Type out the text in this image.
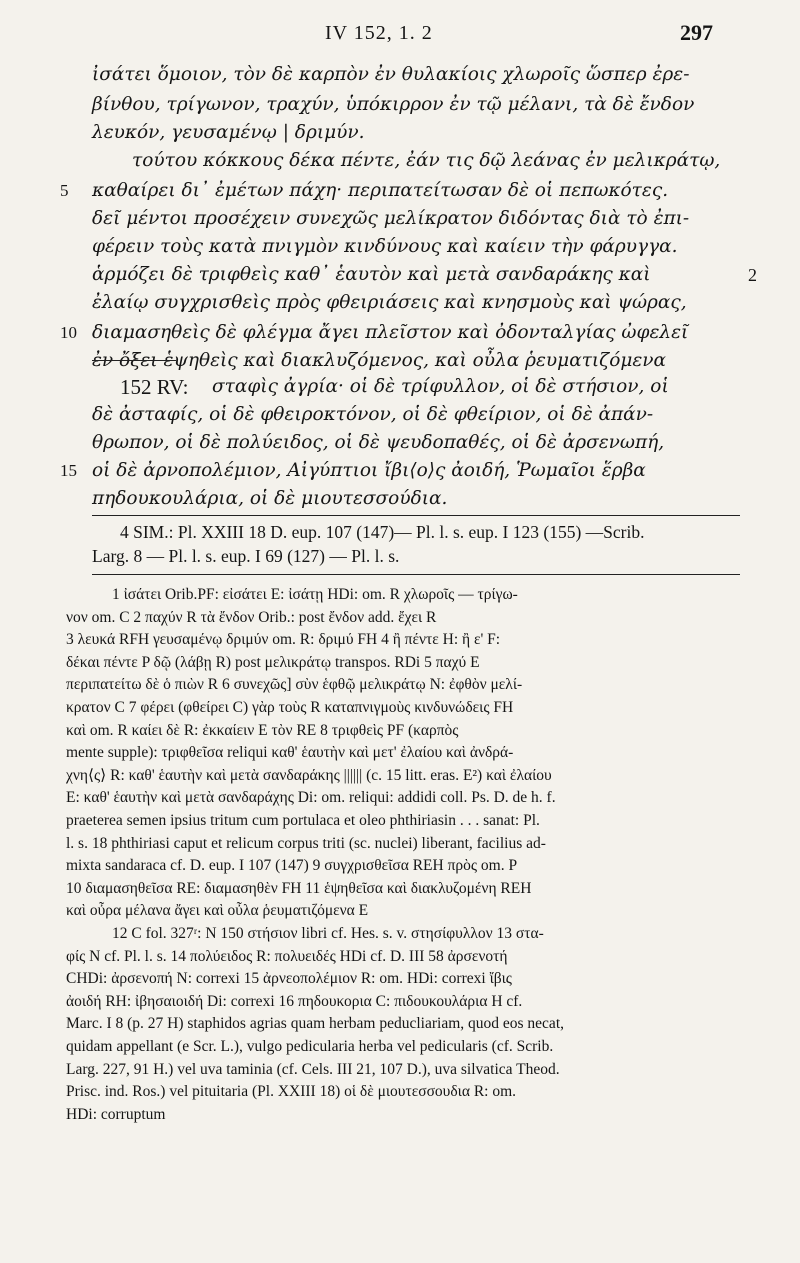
IV 152, 1. 2	297
ἰσάτει ὅμοιον, τὸν δὲ καρπὸν ἐν θυλακίοις χλωροῖς ὥσπερ ἐρε-
βίνθου, τρίγωνον, τραχύν, ὑπόκιρρον ἐν τῷ μέλανι, τὰ δὲ ἔνδον
λευκόν, γευσαμένῳ | δριμύν.
τούτου κόκκους δέκα πέντε, ἐάν τις δῷ λεάνας ἐν μελικράτῳ,
5	καθαίρει δι᾽ ἐμέτων πάχη· περιπατείτωσαν δὲ οἱ πεπωκότες.
δεῖ μέντοι προσέχειν συνεχῶς μελίκρατον διδόντας διὰ τὸ ἐπι-
φέρειν τοὺς κατὰ πνιγμὸν κινδύνους καὶ καίειν τὴν φάρυγγα.
ἁρμόζει δὲ τριφθεὶς καθ᾽ ἑαυτὸν καὶ μετὰ σανδαράκης καὶ	2
ἐλαίῳ συγχρισθεὶς πρὸς φθειριάσεις καὶ κνησμοὺς καὶ ψώρας,
10 διαμασηθεὶς δὲ φλέγμα ἄγει πλεῖστον καὶ ὀδονταλγίας ὠφελεῖ
ἐν ὄξει ἑψηθεὶς καὶ διακλυζόμενος, καὶ οὖλα ῥευματιζόμενα
152 RV:	σταφὶς ἀγρία· οἱ δὲ τρίφυλλον, οἱ δὲ στήσιον, οἱ
δὲ ἀσταφίς, οἱ δὲ φθειροκτόνον, οἱ δὲ φθείριον, οἱ δὲ ἀπάν-
θρωπον, οἱ δὲ πολύειδος, οἱ δὲ ψευδοπαθές, οἱ δὲ ἀρσενωπή,
15 οἱ δὲ ἀρνοπολέμιον, Αἰγύπτιοι ἴβι⟨ο⟩ς ἀοιδή, Ῥωμαῖοι ἕρβα
πηδουκουλάρια, οἱ δὲ μιουτεσσούδια.
4 SIM.: Pl. XXIII 18 D. eup. 107 (147)— Pl. l. s. eup. I 123 (155) —Scrib.
Larg. 8 — Pl. l. s. eup. I 69 (127) — Pl. l. s.
1 ἰσάτει Orib.PF: εἰσάτει E: ἰσάτῃ HDi: om. R χλωροῖς — τρίγω-
νον om. C 2 παχύν R τὰ ἔνδον Orib.: post ἔνδον add. ἔχει R
3 λευκά RFH γευσαμένῳ δριμύν om. R: δριμύ FH 4 ἢ πέντε H: ἢ ε' F:
δέκαι πέντε P δῷ (λάβῃ R) post μελικράτῳ transpos. RDi 5 παχύ E
περιπατείτω δὲ ὁ πιὼν R 6 συνεχῶς] σὺν ἑφθῷ μελικράτῳ N: ἐφθὸν μελί-
κρατον C 7 φέρει (φθείρει C) γὰρ τοὺς R καταπνιγμοὺς κινδυνώδεις FH
καὶ om. R καίει δὲ R: ἐκκαίειν E τὸν RE 8 τριφθεὶς PF (καρπὸς
mente supple): τριφθεῖσα reliqui καθ' ἑαυτὴν καὶ μετ' ἐλαίου καὶ ἀνδρά-
χνη⟨ς⟩ R: καθ' ἑαυτὴν καὶ μετὰ σανδαράκης |||||| (c. 15 litt. eras. E²) καὶ ἐλαίου
E: καθ' ἑαυτὴν καὶ μετὰ σανδαράχης Di: om. reliqui: addidi coll. Ps. D. de h. f.
praeterea semen ipsius tritum cum portulaca et oleo phthiriasin . . . sanat: Pl.
l. s. 18 phthiriasi caput et relicum corpus triti (sc. nuclei) liberant, facilius ad-
mixta sandaraca cf. D. eup. I 107 (147) 9 συγχρισθεῖσα REH πρὸς om. P
10 διαμασηθεῖσα RE: διαμασηθὲν FH 11 ἑψηθεῖσα καὶ διακλυζομένη REH
καὶ οὖρα μέλανα ἄγει καὶ οὖλα ῥευματιζόμενα E
12 C fol. 327ʳ: N 150 στήσιον libri cf. Hes. s. v. στησίφυλλον 13 στα-
φίς N cf. Pl. l. s. 14 πολύειδος R: πολυειδές HDi cf. D. III 58 ἀρσενοτή
CHDi: ἀρσενοπή N: correxi 15 ἀρνεοπολέμιον R: om. HDi: correxi ἴβις
ἀοιδή RH: ἰβησαιοιδή Di: correxi 16 πηδουκορια C: πιδουκουλάρια H cf.
Marc. I 8 (p. 27 H) staphidos agrias quam herbam peducliariam, quod eos necat,
quidam appellant (e Scr. L.), vulgo pedicularia herba vel pedicularis (cf. Scrib.
Larg. 227, 91 H.) vel uva taminia (cf. Cels. III 21, 107 D.), uva silvatica Theod.
Prisc. ind. Ros.) vel pituitaria (Pl. XXIII 18) οἱ δὲ μιουτεσσουδια R: om.
HDi: corruptum
